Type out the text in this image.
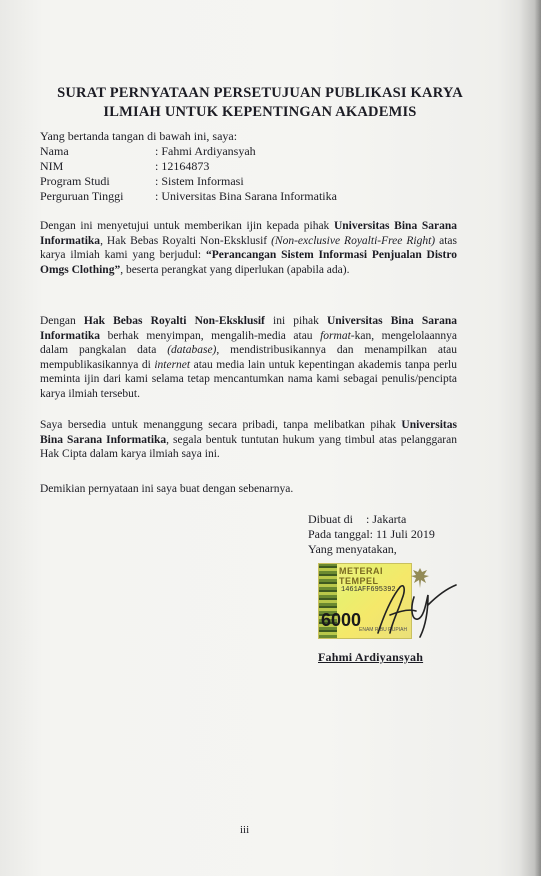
SURAT PERNYATAAN PERSETUJUAN PUBLIKASI KARYA
ILMIAH UNTUK KEPENTINGAN AKADEMIS
Yang bertanda tangan di bawah ini, saya:
Nama	: Fahmi Ardiyansyah
NIM	: 12164873
Program Studi	: Sistem Informasi
Perguruan Tinggi	: Universitas Bina Sarana Informatika
Dengan ini menyetujui untuk memberikan ijin kepada pihak Universitas Bina Sarana Informatika, Hak Bebas Royalti Non-Eksklusif (Non-exclusive Royalti-Free Right) atas karya ilmiah kami yang berjudul: “Perancangan Sistem Informasi Penjualan Distro Omgs Clothing”, beserta perangkat yang diperlukan (apabila ada).
Dengan Hak Bebas Royalti Non-Eksklusif ini pihak Universitas Bina Sarana Informatika berhak menyimpan, mengalih-media atau format-kan, mengelolaannya dalam pangkalan data (database), mendistribusikannya dan menampilkan atau mempublikasikannya di internet atau media lain untuk kepentingan akademis tanpa perlu meminta ijin dari kami selama tetap mencantumkan nama kami sebagai penulis/pencipta karya ilmiah tersebut.
Saya bersedia untuk menanggung secara pribadi, tanpa melibatkan pihak Universitas Bina Sarana Informatika, segala bentuk tuntutan hukum yang timbul atas pelanggaran Hak Cipta dalam karya ilmiah saya ini.
Demikian pernyataan ini saya buat dengan sebenarnya.
Dibuat di	: Jakarta
Pada tanggal: 11 Juli 2019
Yang menyatakan,
METERAI TEMPEL
1461AFF695392
6000
ENAM RIBU RUPIAH
Fahmi Ardiyansyah
iii
